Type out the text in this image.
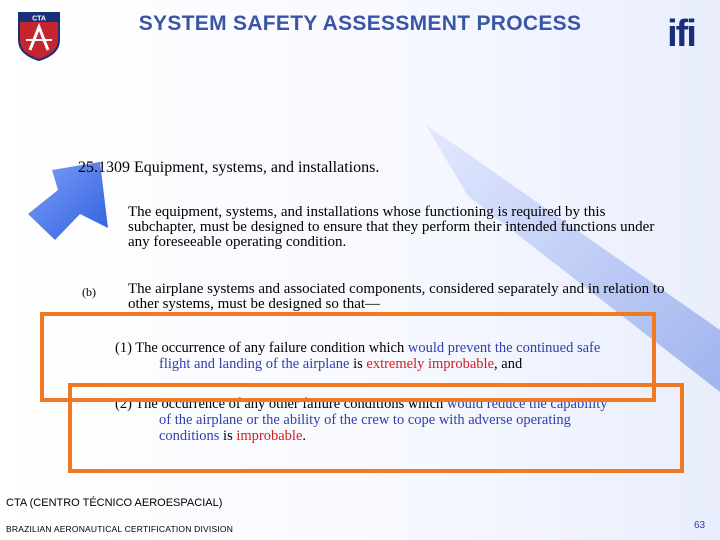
CTA	ifi
SYSTEM SAFETY ASSESSMENT PROCESS
25.1309 Equipment, systems, and installations.
The equipment, systems, and installations whose functioning is required by this subchapter, must be designed to ensure that they perform their intended functions under any foreseeable operating condition.
(b) The airplane systems and associated components, considered separately and in relation to other systems, must be designed so that—
(1) The occurrence of any failure condition which would prevent the continued safe
flight and landing of the airplane is extremely improbable, and
(2) The occurrence of any other failure conditions which would reduce the capability
of the airplane or the ability of the crew to cope with adverse operating
conditions is improbable.
CTA (CENTRO TÉCNICO AEROESPACIAL)
BRAZILIAN AERONAUTICAL CERTIFICATION DIVISION	63
